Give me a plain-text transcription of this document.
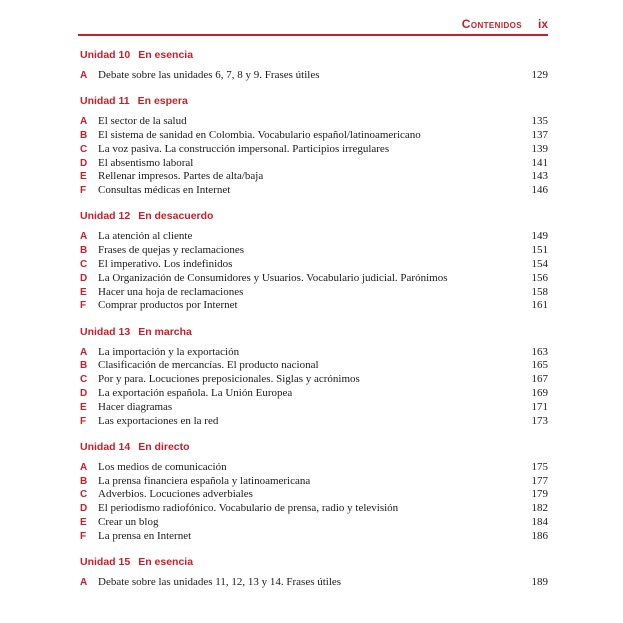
Contenidos ix
Unidad 10 En esencia
A Debate sobre las unidades 6, 7, 8 y 9. Frases útiles	129
Unidad 11 En espera
A El sector de la salud	135
B El sistema de sanidad en Colombia. Vocabulario español/latinoamericano	137
C La voz pasiva. La construcción impersonal. Participios irregulares	139
D El absentismo laboral	141
E	Rellenar impresos. Partes de alta/baja	143
F	Consultas médicas en Internet	146
Unidad 12 En desacuerdo
A La atención al cliente	149
B Frases de quejas y reclamaciones	151
C El imperativo. Los indefinidos	154
D La Organización de Consumidores y Usuarios. Vocabulario judicial. Parónimos	156
E	Hacer una hoja de reclamaciones	158
F	Comprar productos por Internet	161
Unidad 13 En marcha
A La importación y la exportación	163
B Clasificación de mercancías. El producto nacional	165
C Por y para. Locuciones preposicionales. Siglas y acrónimos	167
D La exportación española. La Unión Europea	169
E	Hacer diagramas	171
F	Las exportaciones en la red	173
Unidad 14 En directo
A Los medios de comunicación	175
B La prensa financiera española y latinoamericana	177
C Adverbios. Locuciones adverbiales	179
D El periodismo radiofónico. Vocabulario de prensa, radio y televisión	182
E	Crear un blog	184
F	La prensa en Internet	186
Unidad 15 En esencia
A Debate sobre las unidades 11, 12, 13 y 14. Frases útiles	189
